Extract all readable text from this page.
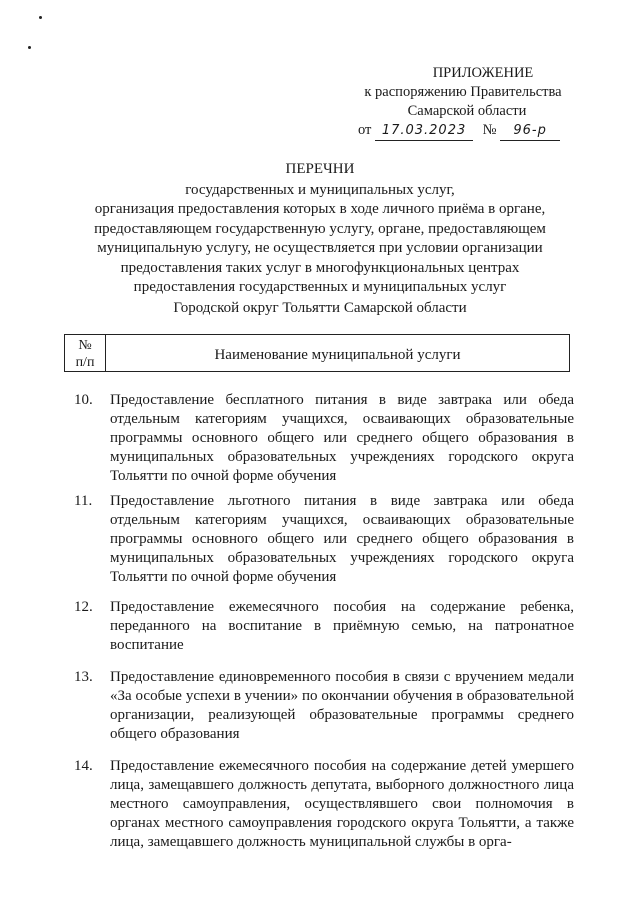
ПРИЛОЖЕНИЕ
к распоряжению Правительства
Самарской области
от 17.03.2023 № 96-р
ПЕРЕЧНИ
государственных и муниципальных услуг,
организация предоставления которых в ходе личного приёма в органе,
предоставляющем государственную услугу, органе, предоставляющем
муниципальную услугу, не осуществляется при условии организации
предоставления таких услуг в многофункциональных центрах
предоставления государственных и муниципальных услуг
Городской округ Тольятти Самарской области
№
п/п	Наименование муниципальной услуги
10.	Предоставление бесплатного питания в виде завтрака или обеда отдельным категориям учащихся, осваивающих образовательные программы основного общего или среднего общего образования в муниципальных образовательных учреждениях городского округа Тольятти по очной форме обучения
11.	Предоставление льготного питания в виде завтрака или обеда отдельным категориям учащихся, осваивающих образовательные программы основного общего или среднего общего образования в муниципальных образовательных учреждениях городского округа Тольятти по очной форме обучения
12.	Предоставление ежемесячного пособия на содержание ребенка, переданного на воспитание в приёмную семью, на патронатное воспитание
13.	Предоставление единовременного пособия в связи с вручением медали «За особые успехи в учении» по окончании обучения в образовательной организации, реализующей образовательные программы среднего общего образования
14.	Предоставление ежемесячного пособия на содержание детей умершего лица, замещавшего должность депутата, выборного должностного лица местного самоуправления, осуществлявшего свои полномочия в органах местного самоуправления городского округа Тольятти, а также лица, замещавшего должность муниципальной службы в орга-
